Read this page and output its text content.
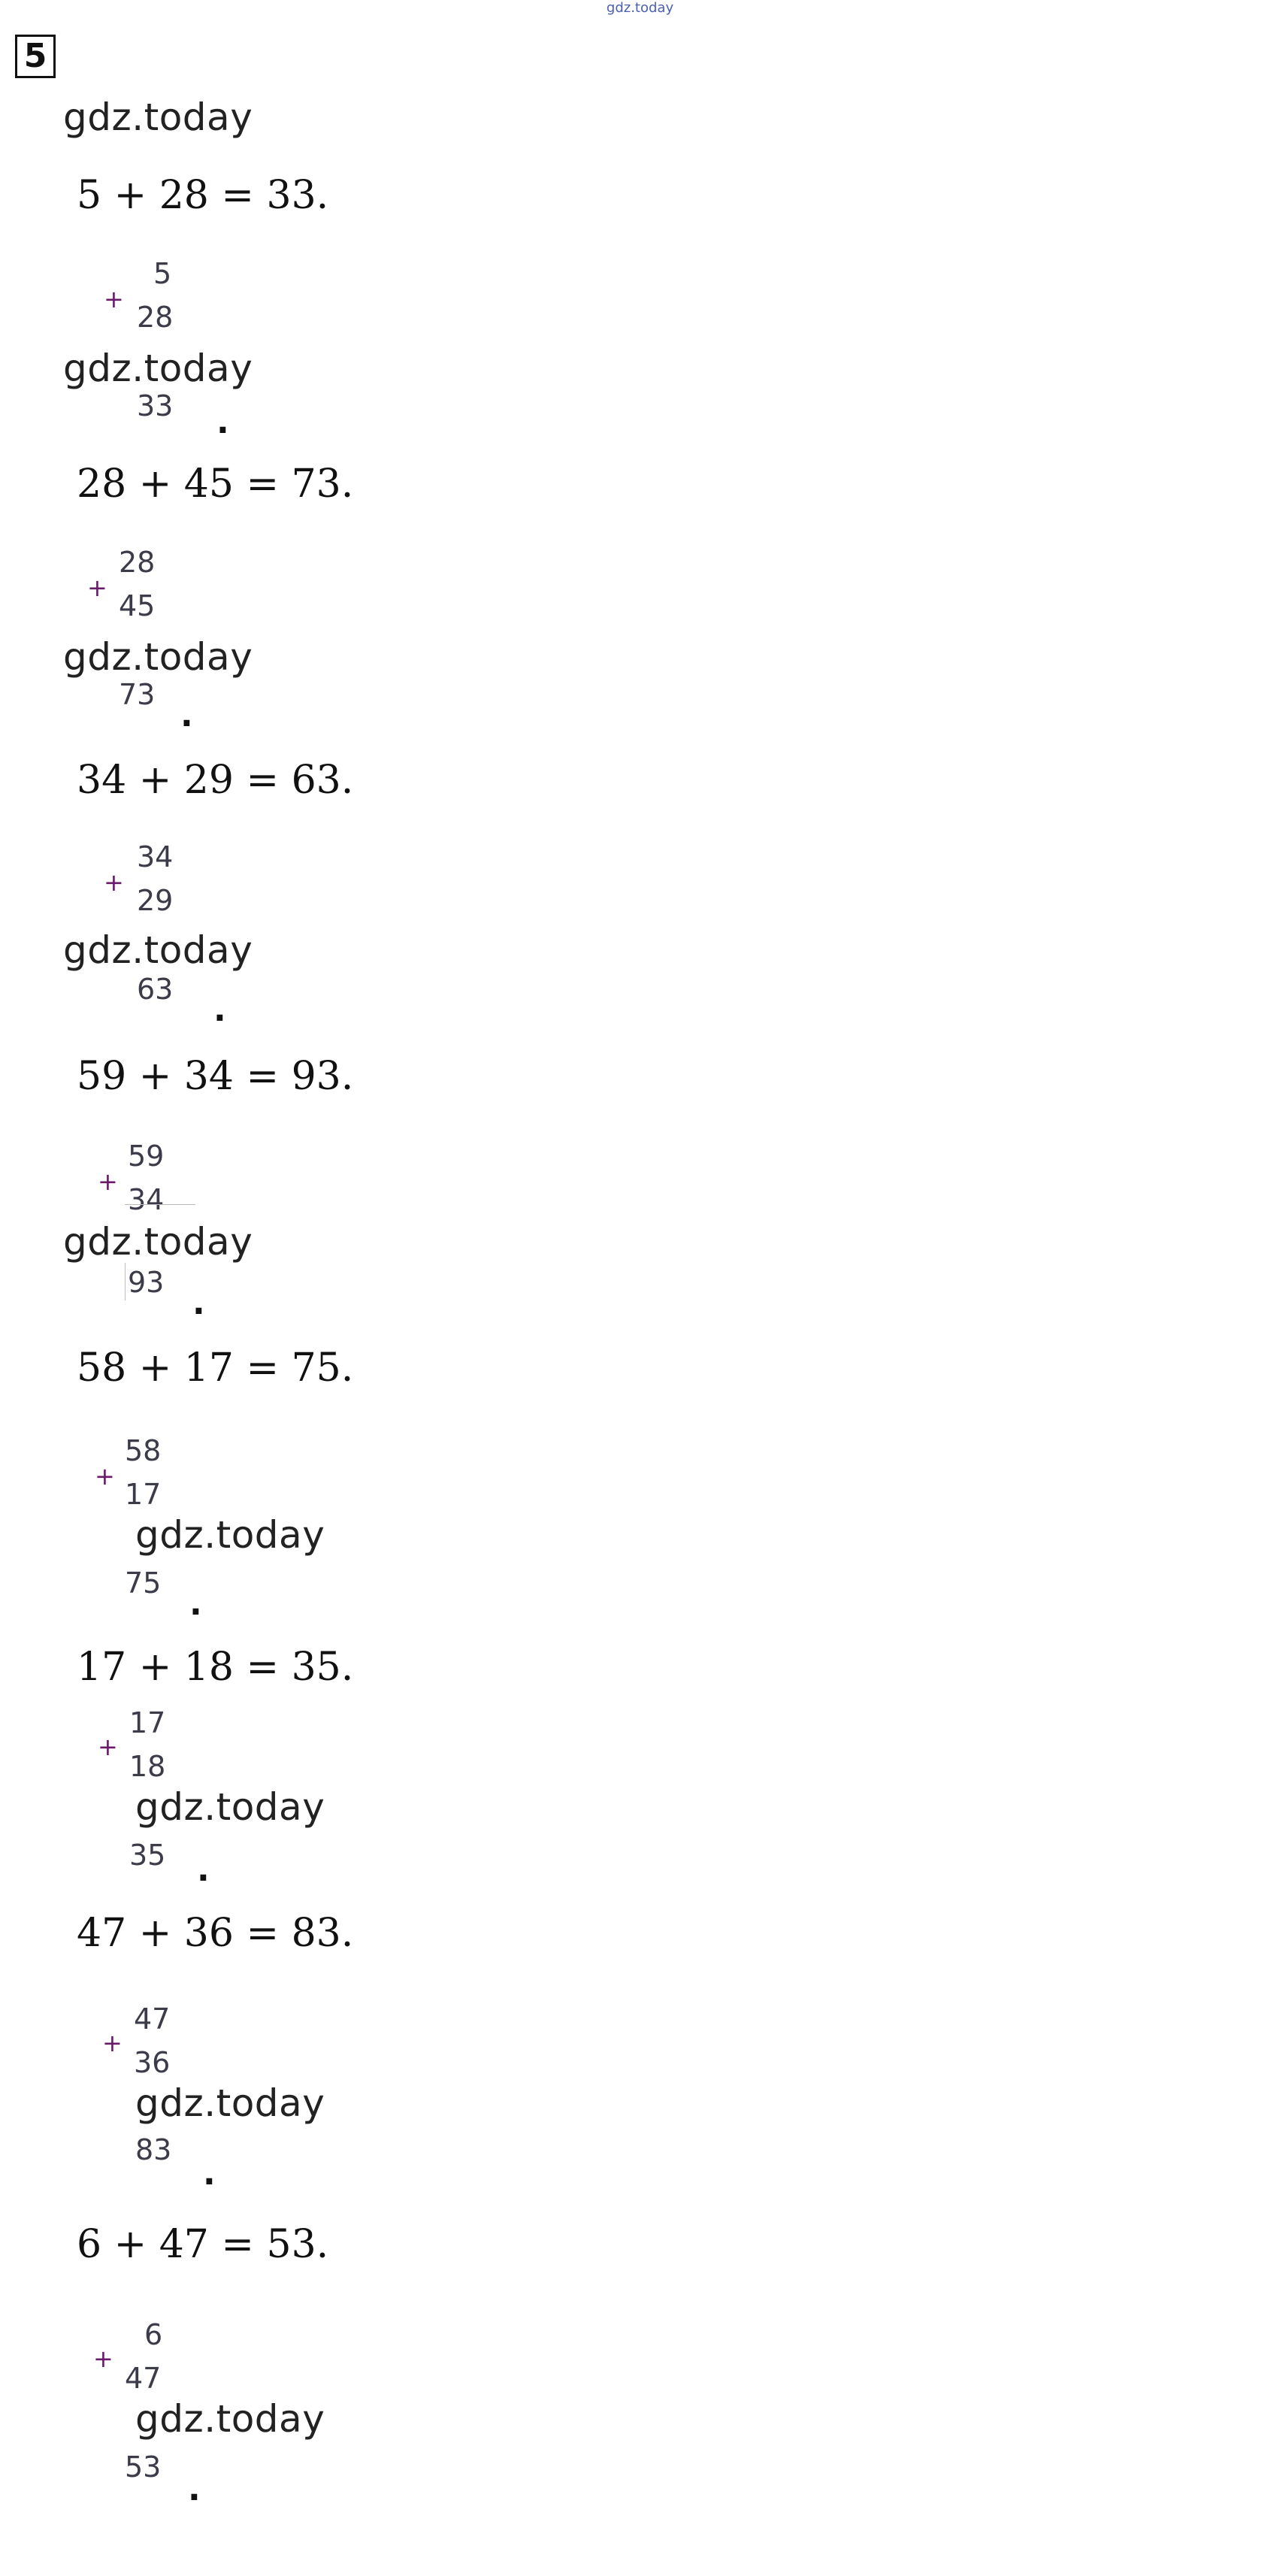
gdz.today
5
gdz.today
5 + 28 = 33.
+
5
28
gdz.today
33 .
28 + 45 = 73.
+
28
45
gdz.today
73
.
34 + 29 = 63.
+
34
29
gdz.today
63
.
59 + 34 = 93.
+
59
34
gdz.today
93
.
58 + 17 = 75.
+
58
17
gdz.today
75
.
17 + 18 = 35.
+
17
18
gdz.today
35 .
47 + 36 = 83.
+
47
36
gdz.today
83
.
6 + 47 = 53.
+
6
47
gdz.today
53
.
